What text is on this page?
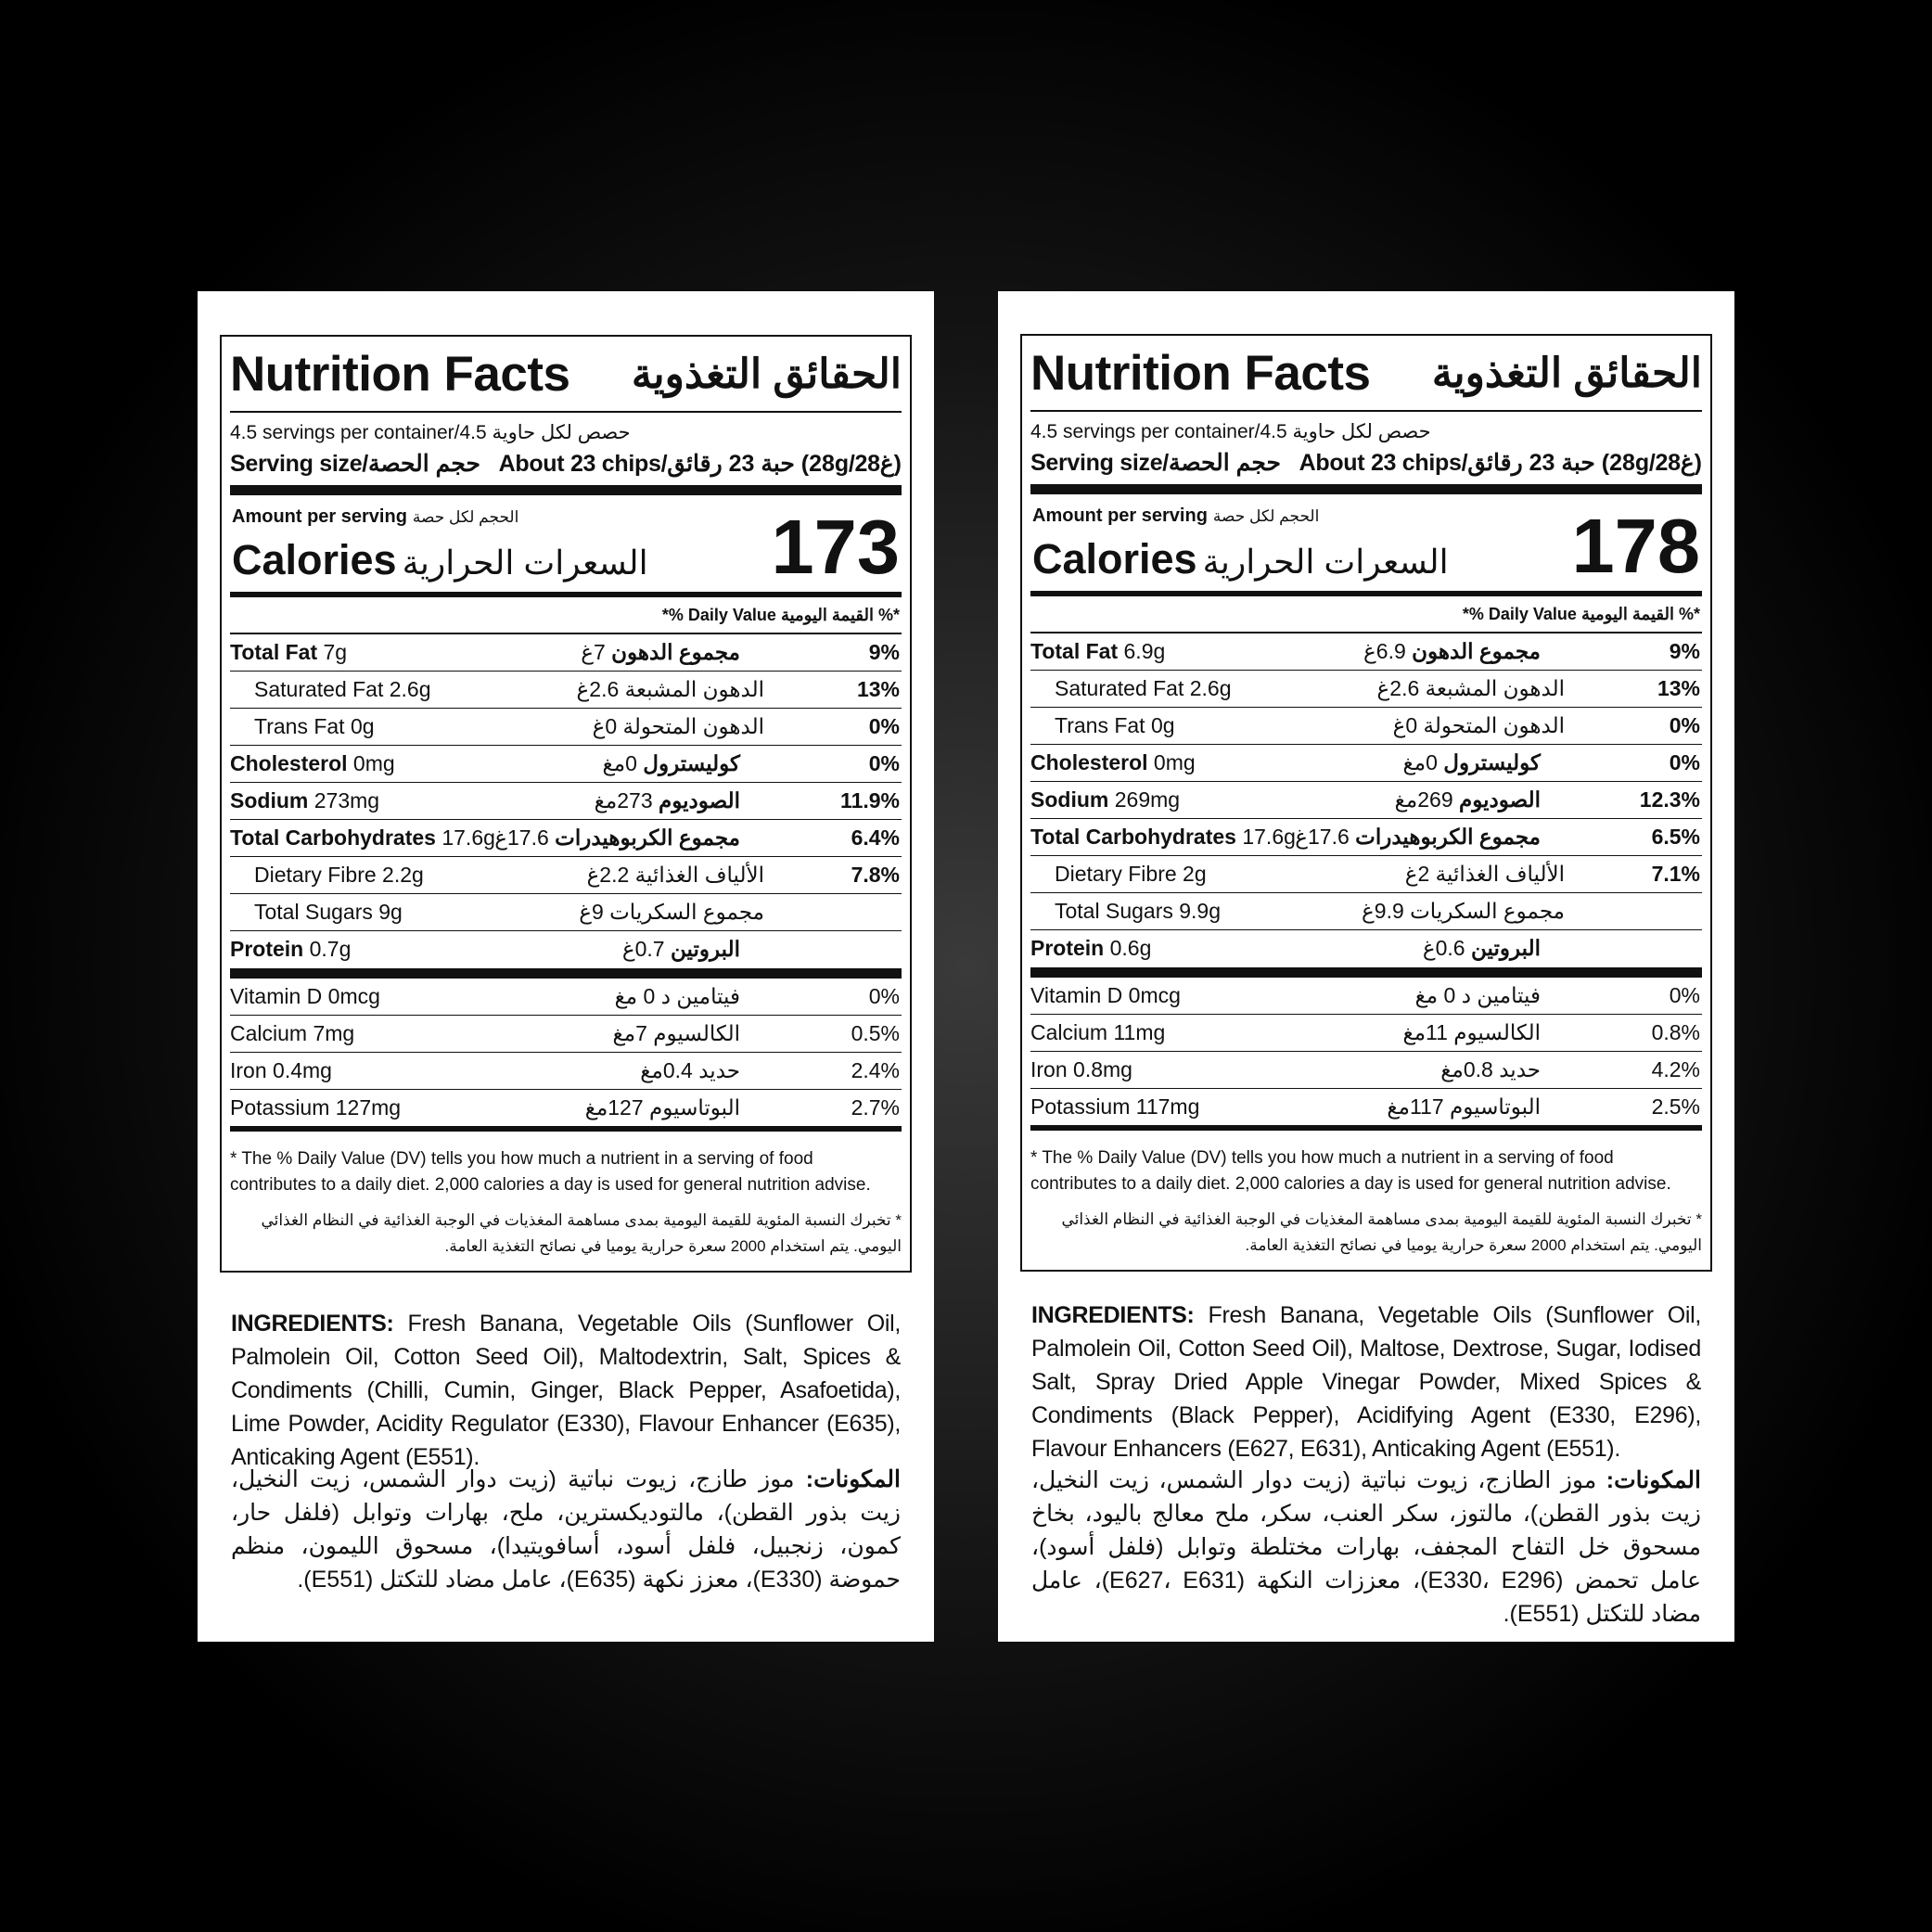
Nutrition Facts الحقائق التغذوية
4.5 servings per container/4.5 حصص لكل حاوية
Serving size/حجم الحصة About 23 chips/حبة 23 رقائق (28g/28غ)
Amount per serving الحجم لكل حصة
Calories السعرات الحرارية 173
*% Daily Value القيمة اليومية %*
Total Fat 7g	مجموع الدهون 7غ	9%
Saturated Fat 2.6g	الدهون المشبعة 2.6غ	13%
Trans Fat 0g	الدهون المتحولة 0غ	0%
Cholesterol 0mg	كوليسترول 0مغ	0%
Sodium 273mg	الصوديوم 273مغ	11.9%
Total Carbohydrates 17.6g	مجموع الكربوهيدرات 17.6غ	6.4%
Dietary Fibre 2.2g	الألياف الغذائية 2.2غ	7.8%
Total Sugars 9g	مجموع السكريات 9غ
Protein 0.7g	البروتين 0.7غ
Vitamin D 0mcg	فيتامين د 0 مغ	0%
Calcium 7mg	الكالسيوم 7مغ	0.5%
Iron 0.4mg	حديد 0.4مغ	2.4%
Potassium 127mg	البوتاسيوم 127مغ	2.7%
* The % Daily Value (DV) tells you how much a nutrient in a serving of food contributes to a daily diet. 2,000 calories a day is used for general nutrition advise.
* تخبرك النسبة المئوية للقيمة اليومية بمدى مساهمة المغذيات في الوجبة الغذائية في النظام الغذائي اليومي. يتم استخدام 2000 سعرة حرارية يوميا في نصائح التغذية العامة.
INGREDIENTS: Fresh Banana, Vegetable Oils (Sunflower Oil, Palmolein Oil, Cotton Seed Oil), Maltodextrin, Salt, Spices & Condiments (Chilli, Cumin, Ginger, Black Pepper, Asafoetida), Lime Powder, Acidity Regulator (E330), Flavour Enhancer (E635), Anticaking Agent (E551).
المكونات: موز طازج، زيوت نباتية (زيت دوار الشمس، زيت النخيل، زيت بذور القطن)، مالتوديكسترين، ملح، بهارات وتوابل (فلفل حار، كمون، زنجبيل، فلفل أسود، أسافويتيدا)، مسحوق الليمون، منظم حموضة (E330)، معزز نكهة (E635)، عامل مضاد للتكتل (E551).
Nutrition Facts الحقائق التغذوية
4.5 servings per container/4.5 حصص لكل حاوية
Serving size/حجم الحصة About 23 chips/حبة 23 رقائق (28g/28غ)
Amount per serving الحجم لكل حصة
Calories السعرات الحرارية 178
*% Daily Value القيمة اليومية %*
Total Fat 6.9g	مجموع الدهون 6.9غ	9%
Saturated Fat 2.6g	الدهون المشبعة 2.6غ	13%
Trans Fat 0g	الدهون المتحولة 0غ	0%
Cholesterol 0mg	كوليسترول 0مغ	0%
Sodium 269mg	الصوديوم 269مغ	12.3%
Total Carbohydrates 17.6g	مجموع الكربوهيدرات 17.6غ	6.5%
Dietary Fibre 2g	الألياف الغذائية 2غ	7.1%
Total Sugars 9.9g	مجموع السكريات 9.9غ
Protein 0.6g	البروتين 0.6غ
Vitamin D 0mcg	فيتامين د 0 مغ	0%
Calcium 11mg	الكالسيوم 11مغ	0.8%
Iron 0.8mg	حديد 0.8مغ	4.2%
Potassium 117mg	البوتاسيوم 117مغ	2.5%
* The % Daily Value (DV) tells you how much a nutrient in a serving of food contributes to a daily diet. 2,000 calories a day is used for general nutrition advise.
* تخبرك النسبة المئوية للقيمة اليومية بمدى مساهمة المغذيات في الوجبة الغذائية في النظام الغذائي اليومي. يتم استخدام 2000 سعرة حرارية يوميا في نصائح التغذية العامة.
INGREDIENTS: Fresh Banana, Vegetable Oils (Sunflower Oil, Palmolein Oil, Cotton Seed Oil), Maltose, Dextrose, Sugar, Iodised Salt, Spray Dried Apple Vinegar Powder, Mixed Spices & Condiments (Black Pepper), Acidifying Agent (E330, E296), Flavour Enhancers (E627, E631), Anticaking Agent (E551).
المكونات: موز الطازج، زيوت نباتية (زيت دوار الشمس، زيت النخيل، زيت بذور القطن)، مالتوز، سكر العنب، سكر، ملح معالج باليود، بخاخ مسحوق خل التفاح المجفف، بهارات مختلطة وتوابل (فلفل أسود)، عامل تحمض (E330، E296)، معززات النكهة (E627، E631)، عامل مضاد للتكتل (E551).
